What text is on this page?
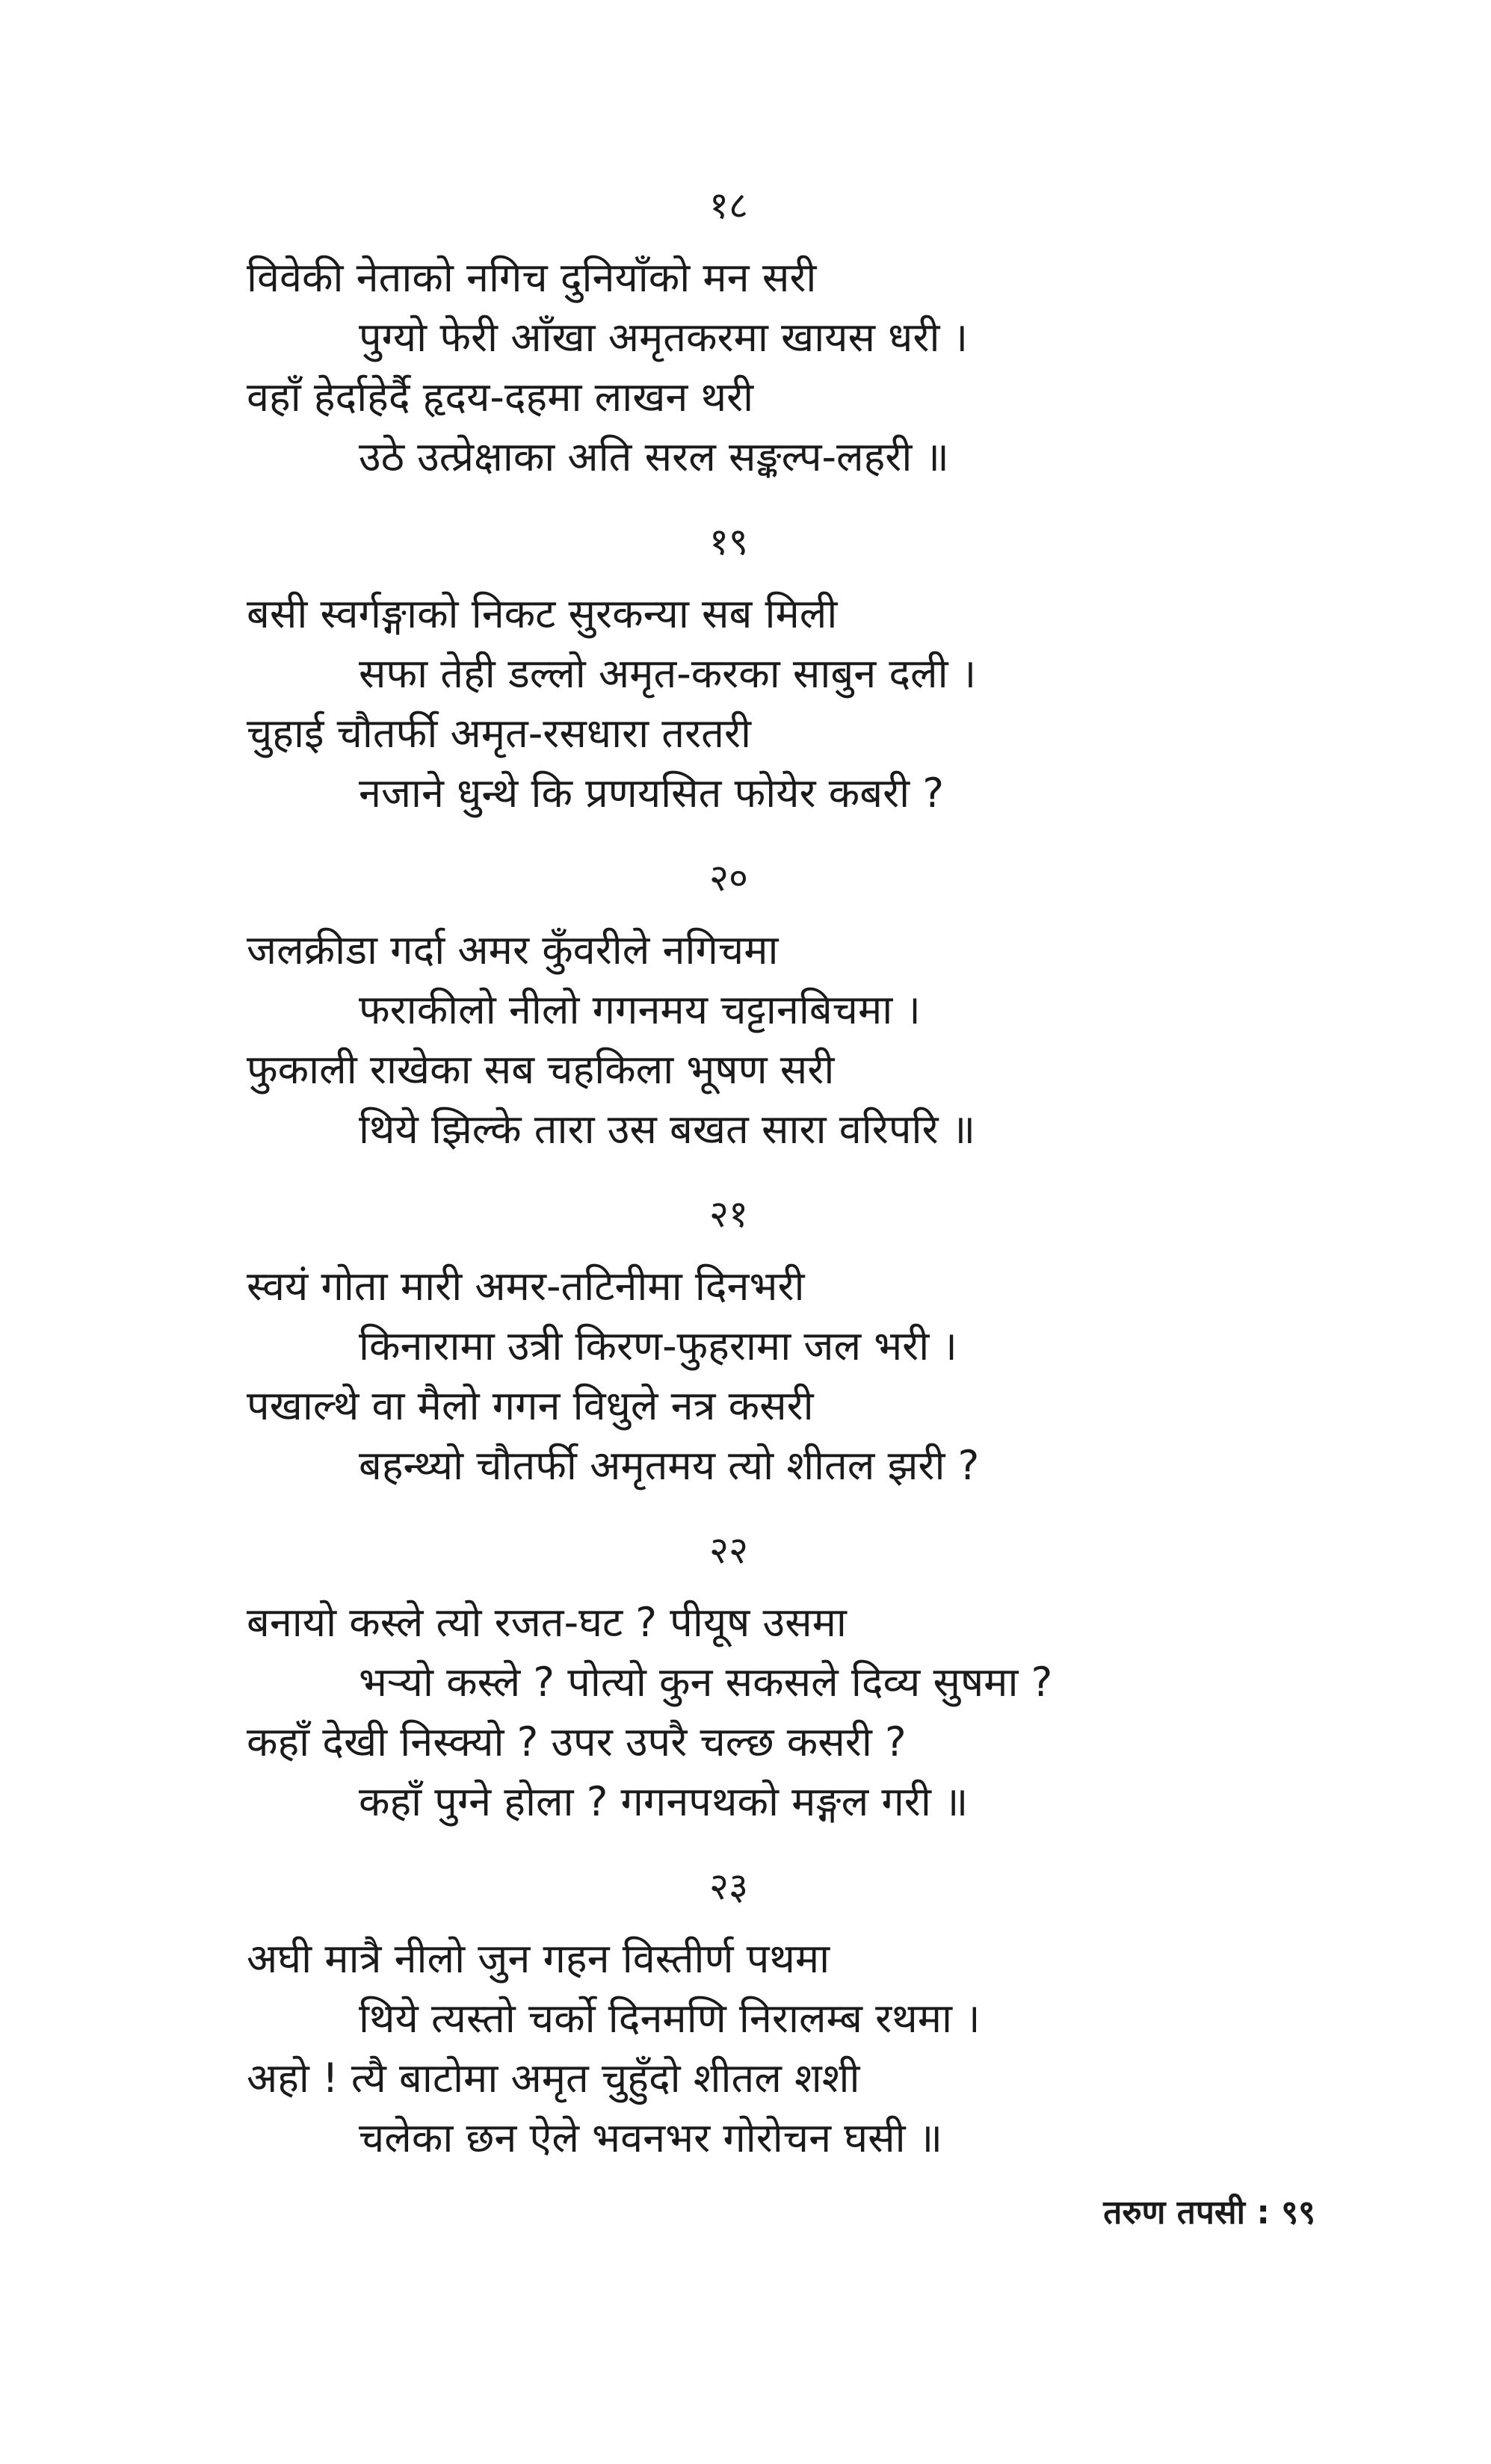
१८
विवेकी नेताको नगिच दुनियाँको मन सरी
पुग्यो फेरी आँखा अमृतकरमा खायस धरी ।
वहाँ हेर्दाहेर्दै हृदय-दहमा लाखन थरी
उठे उत्प्रेक्षाका अति सरल सङ्कल्प-लहरी ॥
१९
बसी स्वर्गङ्गाको निकट सुरकन्या सब मिली
सफा तेही डल्लो अमृत-करका साबुन दली ।
चुहाई चौतर्फी अमृत-रसधारा तरतरी
नजाने धुन्थे कि प्रणयसित फोयेर कबरी ?
२०
जलक्रीडा गर्दा अमर कुँवरीले नगिचमा
फराकीलो नीलो गगनमय चट्टानबिचमा ।
फुकाली राखेका सब चहकिला भूषण सरी
थिये झिल्के तारा उस बखत सारा वरिपरि ॥
२१
स्वयं गोता मारी अमर-तटिनीमा दिनभरी
किनारामा उत्री किरण-फुहरामा जल भरी ।
पखाल्थे वा मैलो गगन विधुले नत्र कसरी
बहन्थ्यो चौतर्फी अमृतमय त्यो शीतल झरी ?
२२
बनायो कस्ले त्यो रजत-घट ? पीयूष उसमा
भर्‍यो कस्ले ? पोत्यो कुन सकसले दिव्य सुषमा ?
कहाँ देखी निस्क्यो ? उपर उपरै चल्छ कसरी ?
कहाँ पुग्ने होला ? गगनपथको मङ्गल गरी ॥
२३
अघी मात्रै नीलो जुन गहन विस्तीर्ण पथमा
थिये त्यस्तो चर्को दिनमणि निरालम्ब रथमा ।
अहो ! त्यै बाटोमा अमृत चुहुँदो शीतल शशी
चलेका छन ऐले भवनभर गोरोचन घसी ॥
तरुण तपसी : ९९
